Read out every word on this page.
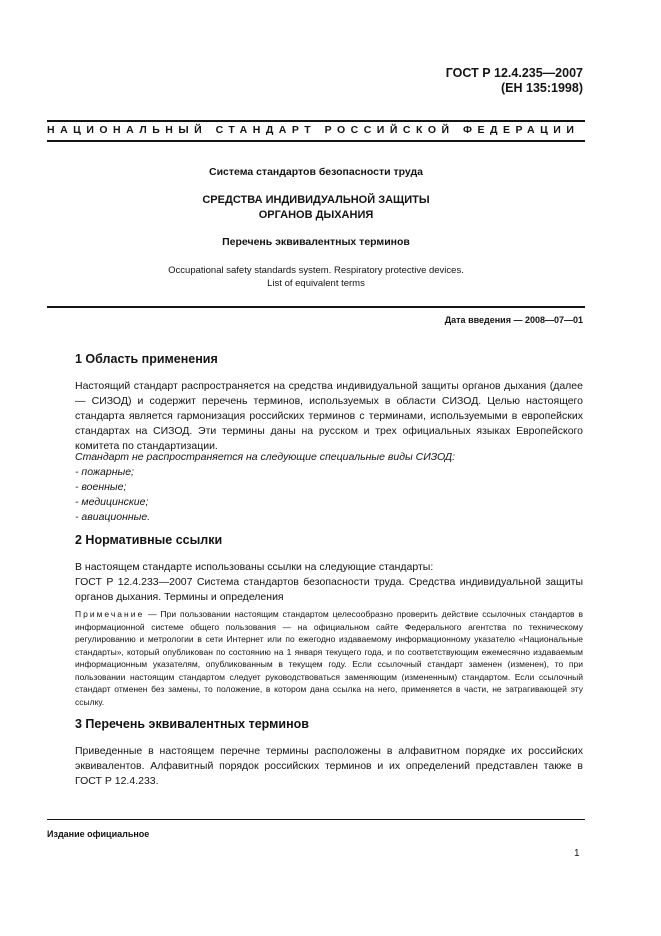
ГОСТ Р 12.4.235—2007
(ЕН 135:1998)
НАЦИОНАЛЬНЫЙ СТАНДАРТ РОССИЙСКОЙ ФЕДЕРАЦИИ
Система стандартов безопасности труда
СРЕДСТВА ИНДИВИДУАЛЬНОЙ ЗАЩИТЫ
ОРГАНОВ ДЫХАНИЯ
Перечень эквивалентных терминов
Occupational safety standards system. Respiratory protective devices.
List of equivalent terms
Дата введения — 2008—07—01
1 Область применения
Настоящий стандарт распространяется на средства индивидуальной защиты органов дыхания (далее — СИЗОД) и содержит перечень терминов, используемых в области СИЗОД. Целью настоящего стандарта является гармонизация российских терминов с терминами, используемыми в европейских стандартах на СИЗОД. Эти термины даны на русском и трех официальных языках Европейского комитета по стандартизации.
Стандарт не распространяется на следующие специальные виды СИЗОД:
- пожарные;
- военные;
- медицинские;
- авиационные.
2 Нормативные ссылки
В настоящем стандарте использованы ссылки на следующие стандарты:
ГОСТ Р 12.4.233—2007 Система стандартов безопасности труда. Средства индивидуальной защиты органов дыхания. Термины и определения
Примечание — При пользовании настоящим стандартом целесообразно проверить действие ссылочных стандартов в информационной системе общего пользования — на официальном сайте Федерального агентства по техническому регулированию и метрологии в сети Интернет или по ежегодно издаваемому информационному указателю «Национальные стандарты», который опубликован по состоянию на 1 января текущего года, и по соответствующим ежемесячно издаваемым информационным указателям, опубликованным в текущем году. Если ссылочный стандарт заменен (изменен), то при пользовании настоящим стандартом следует руководствоваться заменяющим (измененным) стандартом. Если ссылочный стандарт отменен без замены, то положение, в котором дана ссылка на него, применяется в части, не затрагивающей эту ссылку.
3 Перечень эквивалентных терминов
Приведенные в настоящем перечне термины расположены в алфавитном порядке их российских эквивалентов. Алфавитный порядок российских терминов и их определений представлен также в ГОСТ Р 12.4.233.
Издание официальное
1
